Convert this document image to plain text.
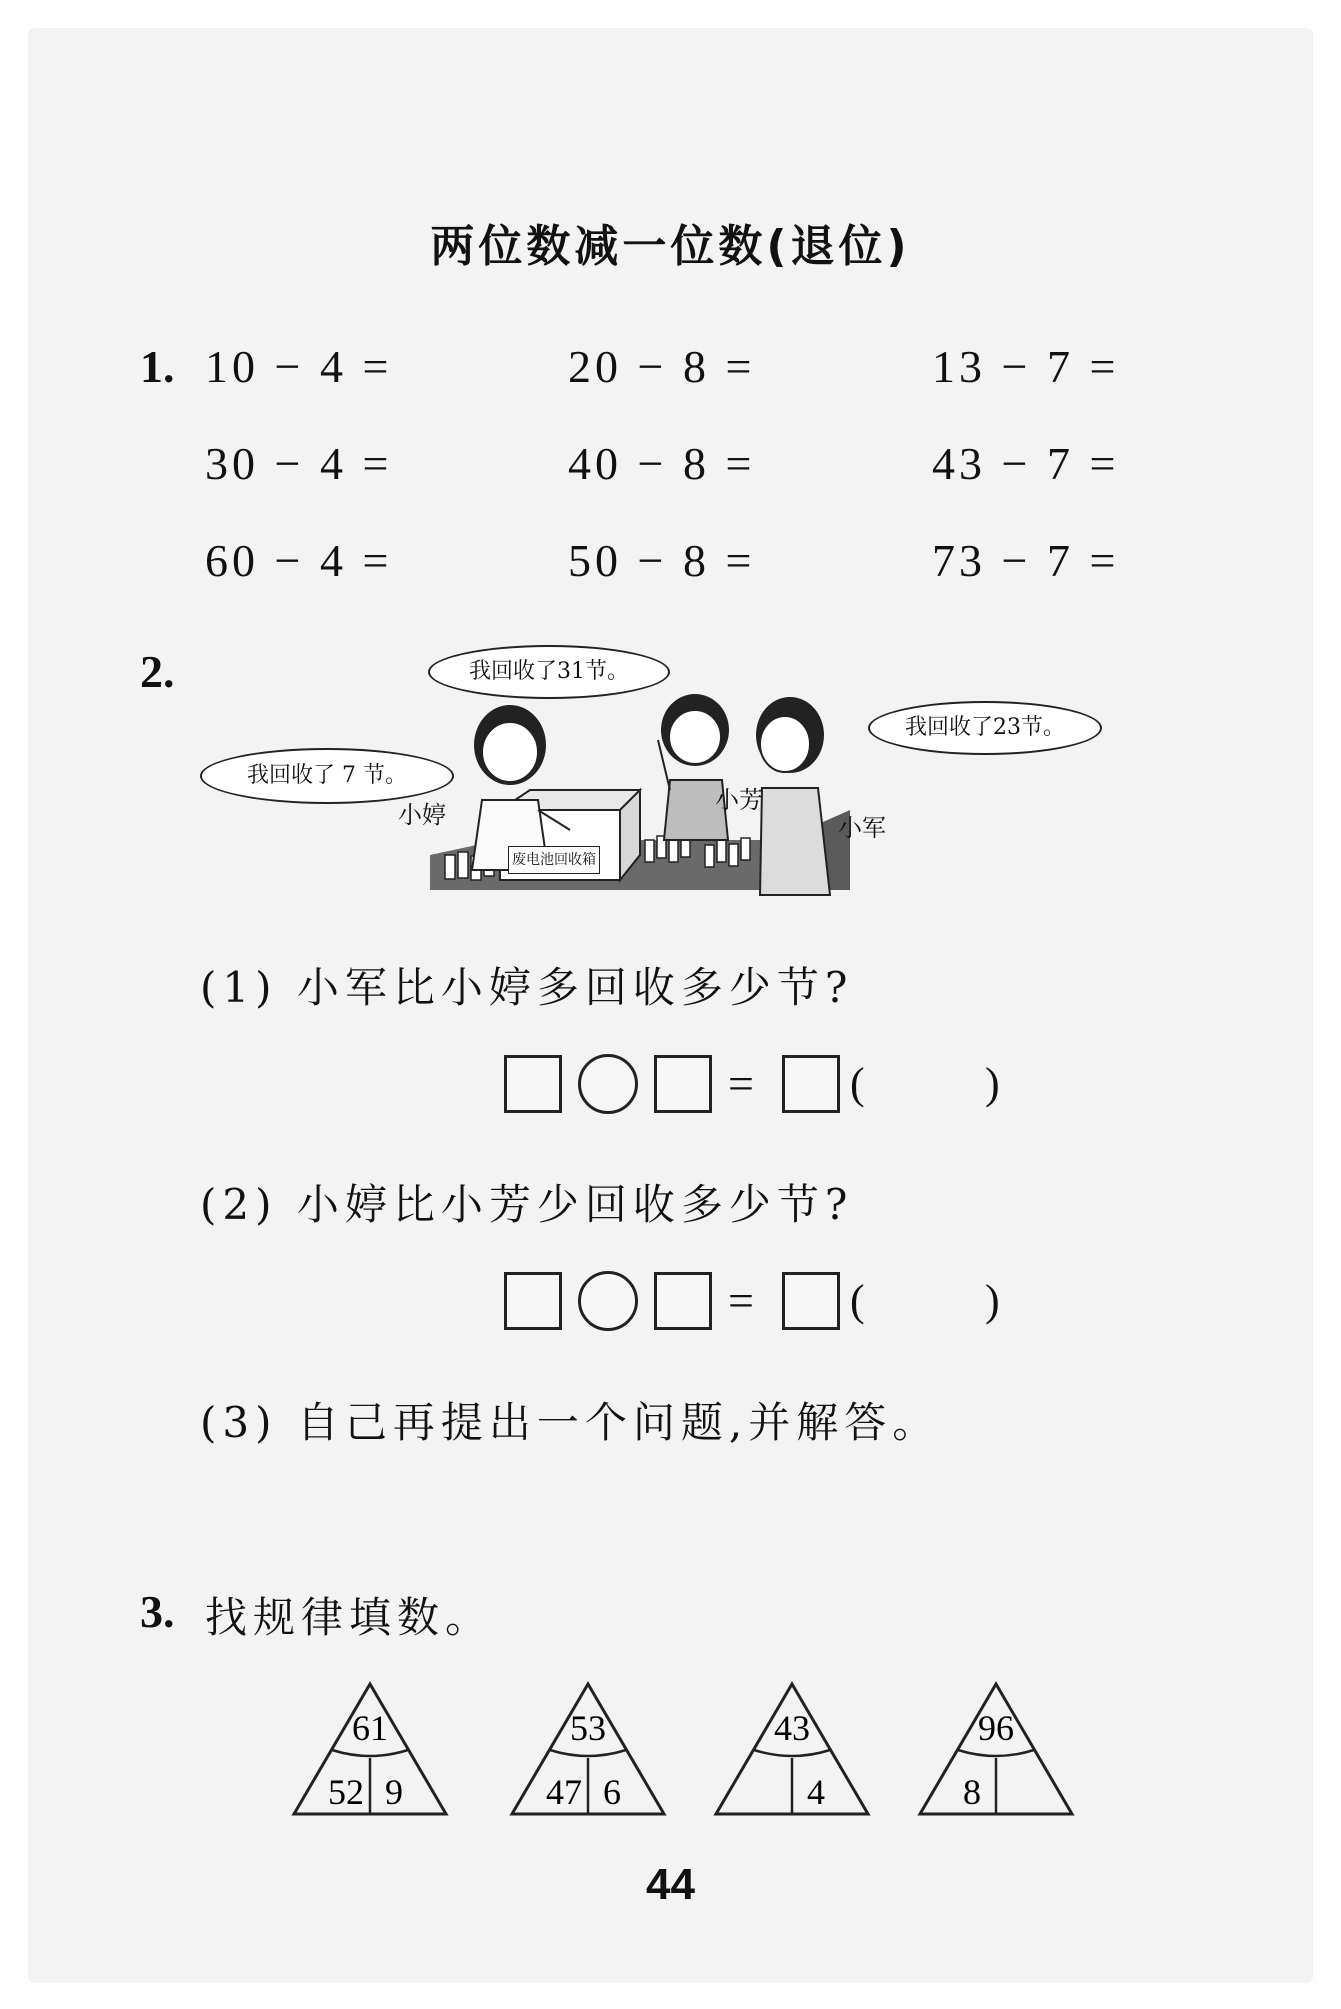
两位数减一位数(退位)
1. 10 − 4 =	20 − 8 =	13 − 7 =
30 − 4 =	40 − 8 =	43 − 7 =
60 − 4 =	50 − 8 =	73 − 7 =
2.
我回收了 7 节。
我回收了31节。
我回收了23节。
小婷
小芳
小军
废电池回收箱
(1) 小军比小婷多回收多少节?
= (	)
(2) 小婷比小芳少回收多少节?
= (	)
(3) 自己再提出一个问题,并解答。
3. 找规律填数。
61
52 9
53
47 6
43
4
96
8
44
